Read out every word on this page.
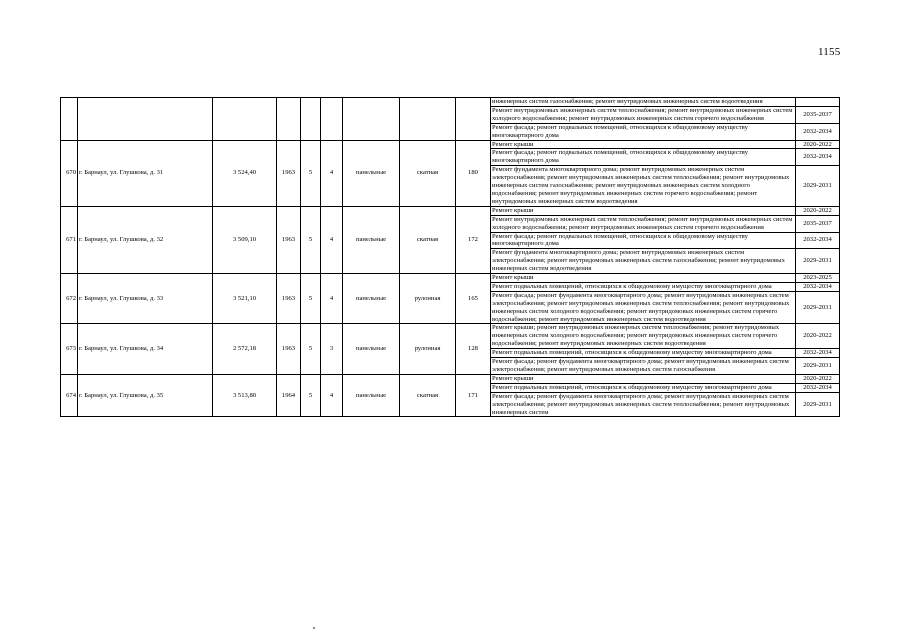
1155
									инженерных систем газоснабжения; ремонт внутридомовых инженерных систем водоотведения	
									Ремонт внутридомовых инженерных систем теплоснабжения; ремонт внутридомовых инженерных систем холодного водоснабжения; ремонт внутридомовых инженерных систем горячего водоснабжения	2035-2037
									Ремонт фасада; ремонт подвальных помещений, относящихся к общедомовому имуществу многоквартирного дома	2032-2034
670	г. Барнаул, ул. Глушкова, д. 31	3 524,40	1963	5	4	панельные	скатная	180	Ремонт крыши	2020-2022
									Ремонт фасада; ремонт подвальных помещений, относящихся к общедомовому имуществу многоквартирного дома	2032-2034
									Ремонт фундамента многоквартирного дома; ремонт внутридомовых инженерных систем электроснабжения; ремонт внутридомовых инженерных систем теплоснабжения; ремонт внутридомовых инженерных систем газоснабжения; ремонт внутридомовых инженерных систем холодного водоснабжения; ремонт внутридомовых инженерных систем горячего водоснабжения; ремонт внутридомовых инженерных систем водоотведения	2029-2031
671	г. Барнаул, ул. Глушкова, д. 32	3 509,10	1963	5	4	панельные	скатная	172	Ремонт крыши	2020-2022
									Ремонт внутридомовых инженерных систем теплоснабжения; ремонт внутридомовых инженерных систем холодного водоснабжения; ремонт внутридомовых инженерных систем горячего водоснабжения	2035-2037
									Ремонт фасада; ремонт подвальных помещений, относящихся к общедомовому имуществу многоквартирного дома	2032-2034
									Ремонт фундамента многоквартирного дома; ремонт внутридомовых инженерных систем электроснабжения; ремонт внутридомовых инженерных систем газоснабжения; ремонт внутридомовых инженерных систем водоотведения	2029-2031
672	г. Барнаул, ул. Глушкова, д. 33	3 521,10	1963	5	4	панельные	рулонная	165	Ремонт крыши	2023-2025
									Ремонт подвальных помещений, относящихся к общедомовому имуществу многоквартирного дома	2032-2034
									Ремонт фасада; ремонт фундамента многоквартирного дома; ремонт внутридомовых инженерных систем электроснабжения; ремонт внутридомовых инженерных систем теплоснабжения; ремонт внутридомовых инженерных систем холодного водоснабжения; ремонт внутридомовых инженерных систем горячего водоснабжения; ремонт внутридомовых инженерных систем водоотведения	2029-2031
673	г. Барнаул, ул. Глушкова, д. 34	2 572,18	1963	5	3	панельные	рулонная	128	Ремонт крыши; ремонт внутридомовых инженерных систем теплоснабжения; ремонт внутридомовых инженерных систем холодного водоснабжения; ремонт внутридомовых инженерных систем горячего водоснабжения; ремонт внутридомовых инженерных систем водоотведения	2020-2022
									Ремонт подвальных помещений, относящихся к общедомовому имуществу многоквартирного дома	2032-2034
									Ремонт фасада; ремонт фундамента многоквартирного дома; ремонт внутридомовых инженерных систем электроснабжения; ремонт внутридомовых инженерных систем газоснабжения	2029-2031
674	г. Барнаул, ул. Глушкова, д. 35	3 513,80	1964	5	4	панельные	скатная	171	Ремонт крыши	2020-2022
									Ремонт подвальных помещений, относящихся к общедомовому имуществу многоквартирного дома	2032-2034
									Ремонт фасада; ремонт фундамента многоквартирного дома; ремонт внутридомовых инженерных систем электроснабжения; ремонт внутридомовых инженерных систем теплоснабжения; ремонт внутридомовых инженерных систем	2029-2031
